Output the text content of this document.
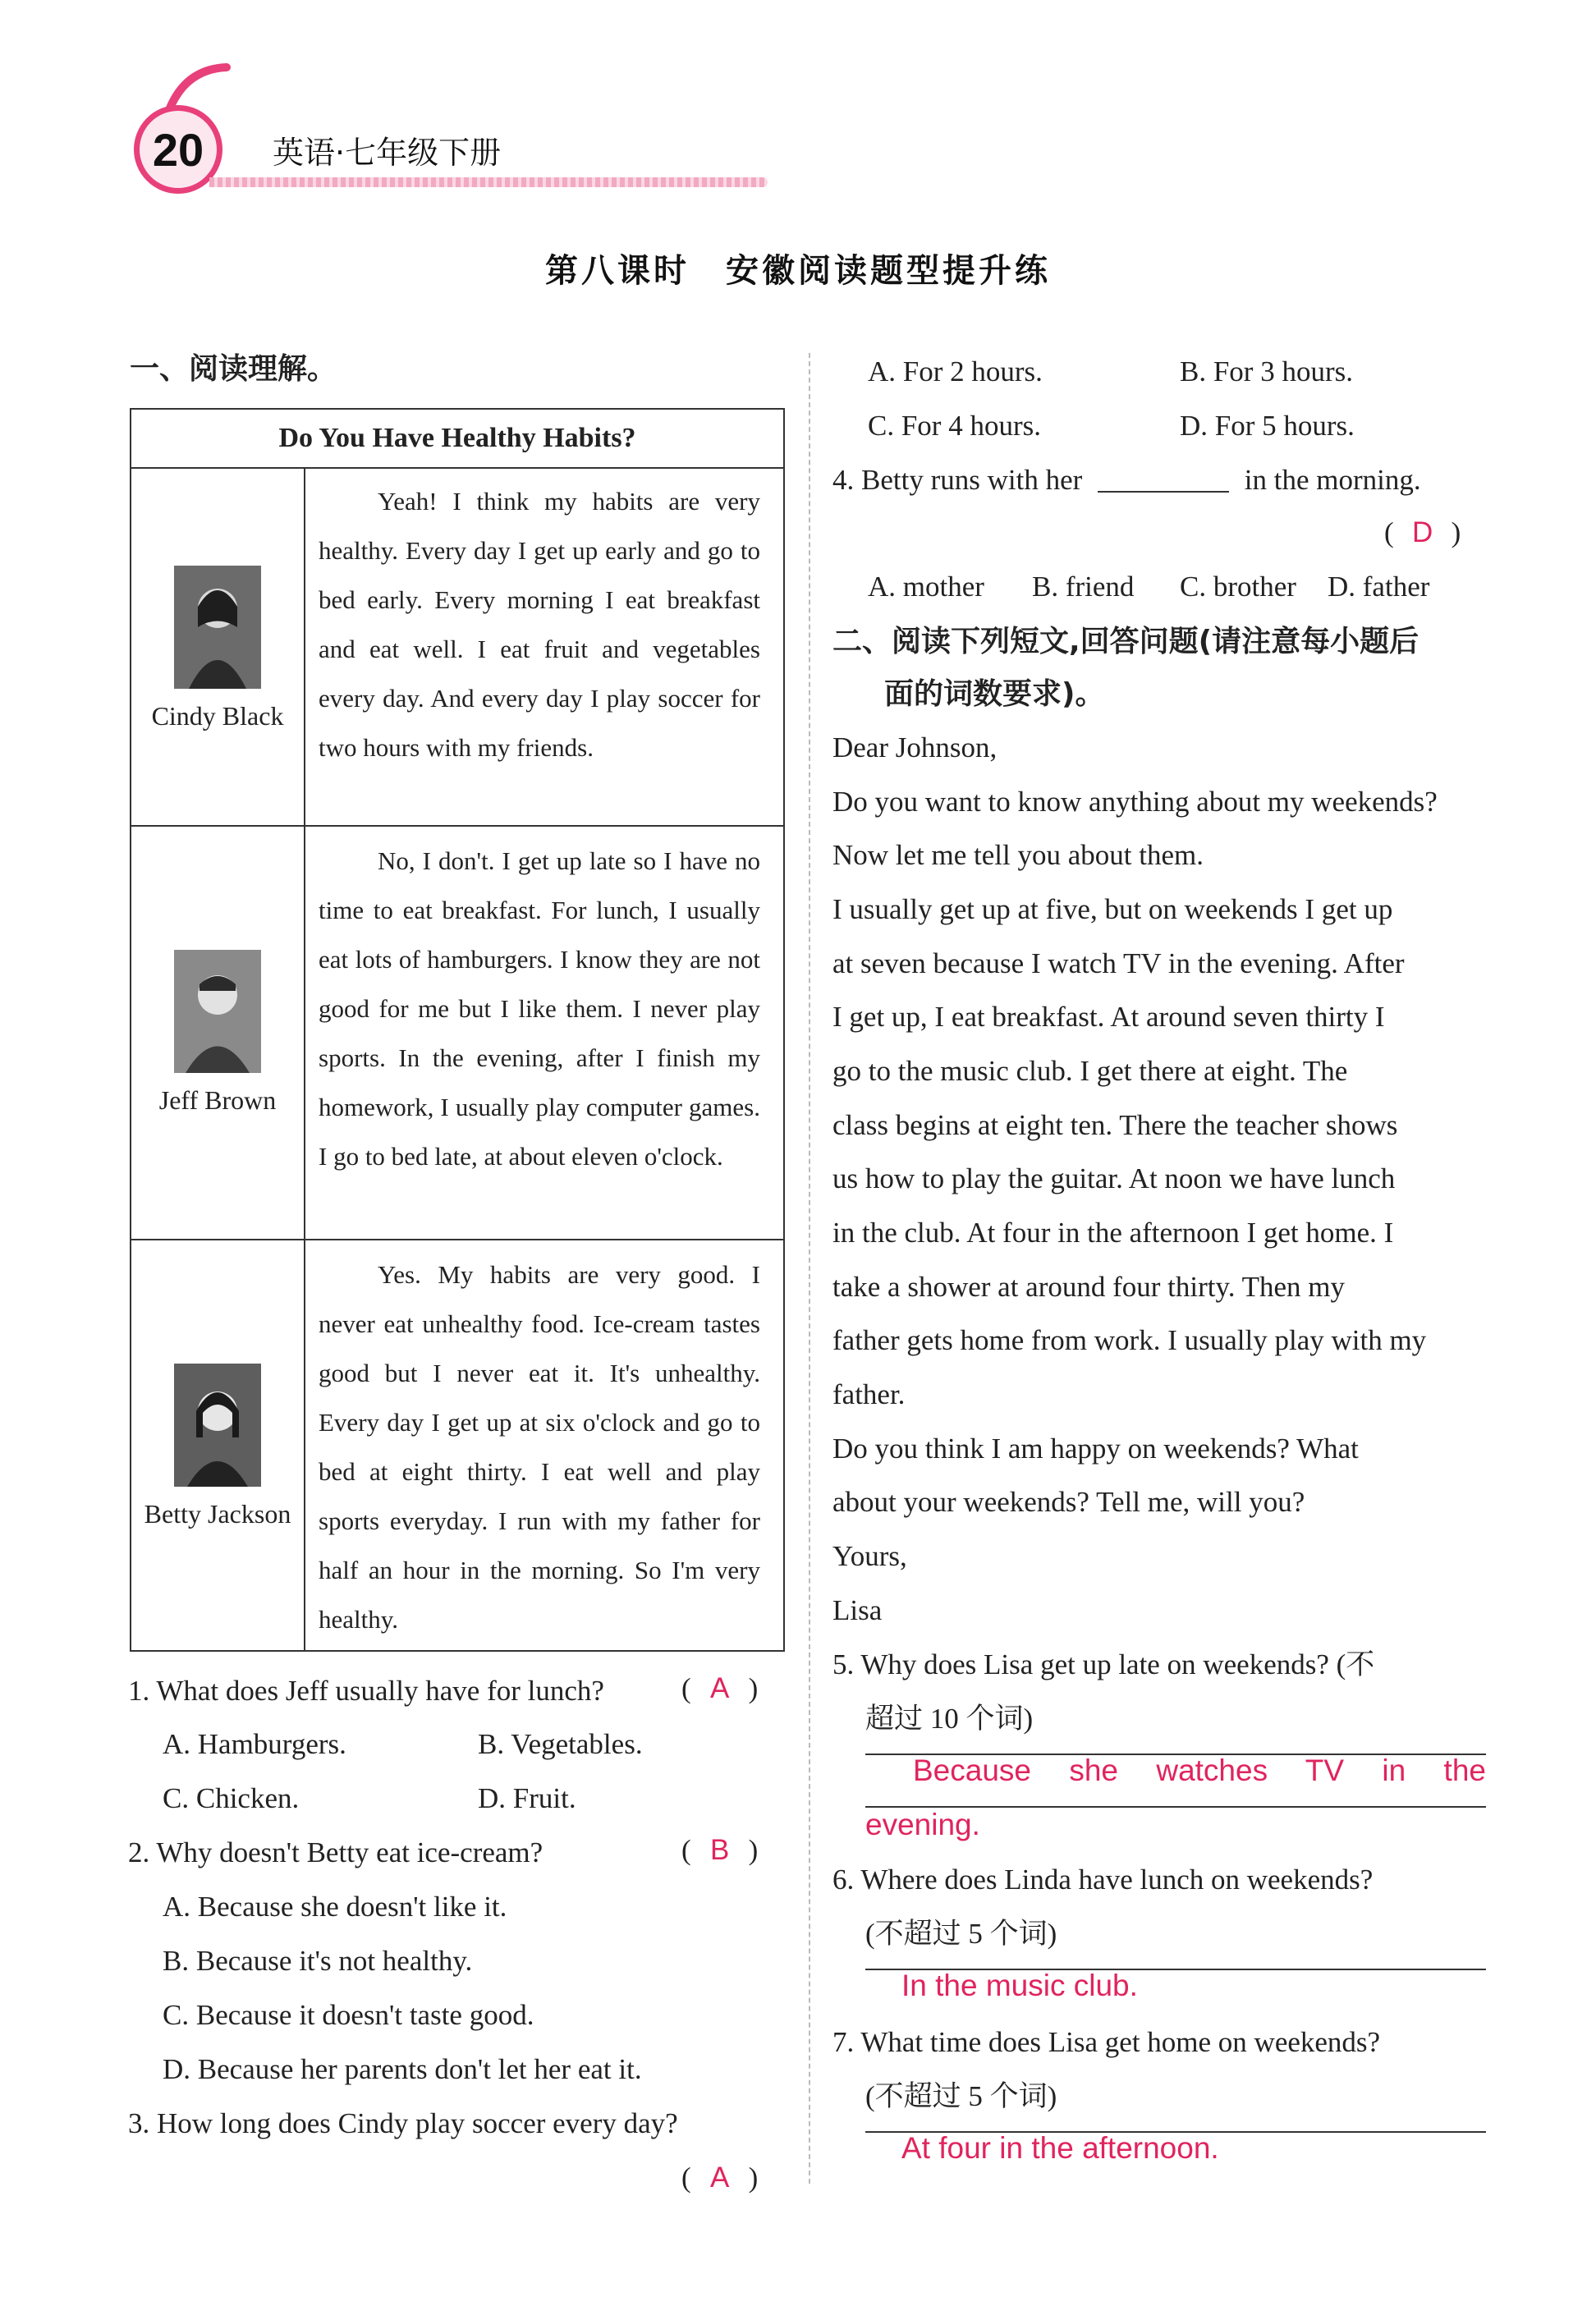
20 英语·七年级下册
第八课时　安徽阅读题型提升练
一、阅读理解。
Do You Have Healthy Habits?
Cindy Black
Yeah! I think my habits are very healthy. Every day I get up early and go to bed early. Every morning I eat breakfast and eat well. I eat fruit and vegetables every day. And every day I play soccer for two hours with my friends.
Jeff Brown
No, I don't. I get up late so I have no time to eat breakfast. For lunch, I usually eat lots of hamburgers. I know they are not good for me but I like them. I never play sports. In the evening, after I finish my homework, I usually play computer games. I go to bed late, at about eleven o'clock.
Betty Jackson
Yes. My habits are very good. I never eat unhealthy food. Ice-cream tastes good but I never eat it. It's unhealthy. Every day I get up at six o'clock and go to bed at eight thirty. I eat well and play sports everyday. I run with my father for half an hour in the morning. So I'm very healthy.
1. What does Jeff usually have for lunch?	( A )
A. Hamburgers.	B. Vegetables.
C. Chicken.	D. Fruit.
2. Why doesn't Betty eat ice-cream?	( B )
A. Because she doesn't like it.
B. Because it's not healthy.
C. Because it doesn't taste good.
D. Because her parents don't let her eat it.
3. How long does Cindy play soccer every day?
( A )
A. For 2 hours.	B. For 3 hours.
C. For 4 hours.	D. For 5 hours.
4. Betty runs with her	in the morning.
( D )
A. mother B. friend C. brother D. father
二、阅读下列短文,回答问题(请注意每小题后
面的词数要求)。
Dear Johnson,
Do you want to know anything about my weekends?
Now let me tell you about them.
I usually get up at five, but on weekends I get up
at seven because I watch TV in the evening. After
I get up, I eat breakfast. At around seven thirty I
go to the music club. I get there at eight. The
class begins at eight ten. There the teacher shows
us how to play the guitar. At noon we have lunch
in the club. At four in the afternoon I get home. I
take a shower at around four thirty. Then my
father gets home from work. I usually play with my
father.
Do you think I am happy on weekends? What
about your weekends? Tell me, will you?
Yours,
Lisa
5. Why does Lisa get up late on weekends? (不
超过 10 个词)
Because she watches TV in the
evening.
6. Where does Linda have lunch on weekends?
(不超过 5 个词)
In the music club.
7. What time does Lisa get home on weekends?
(不超过 5 个词)
At four in the afternoon.
